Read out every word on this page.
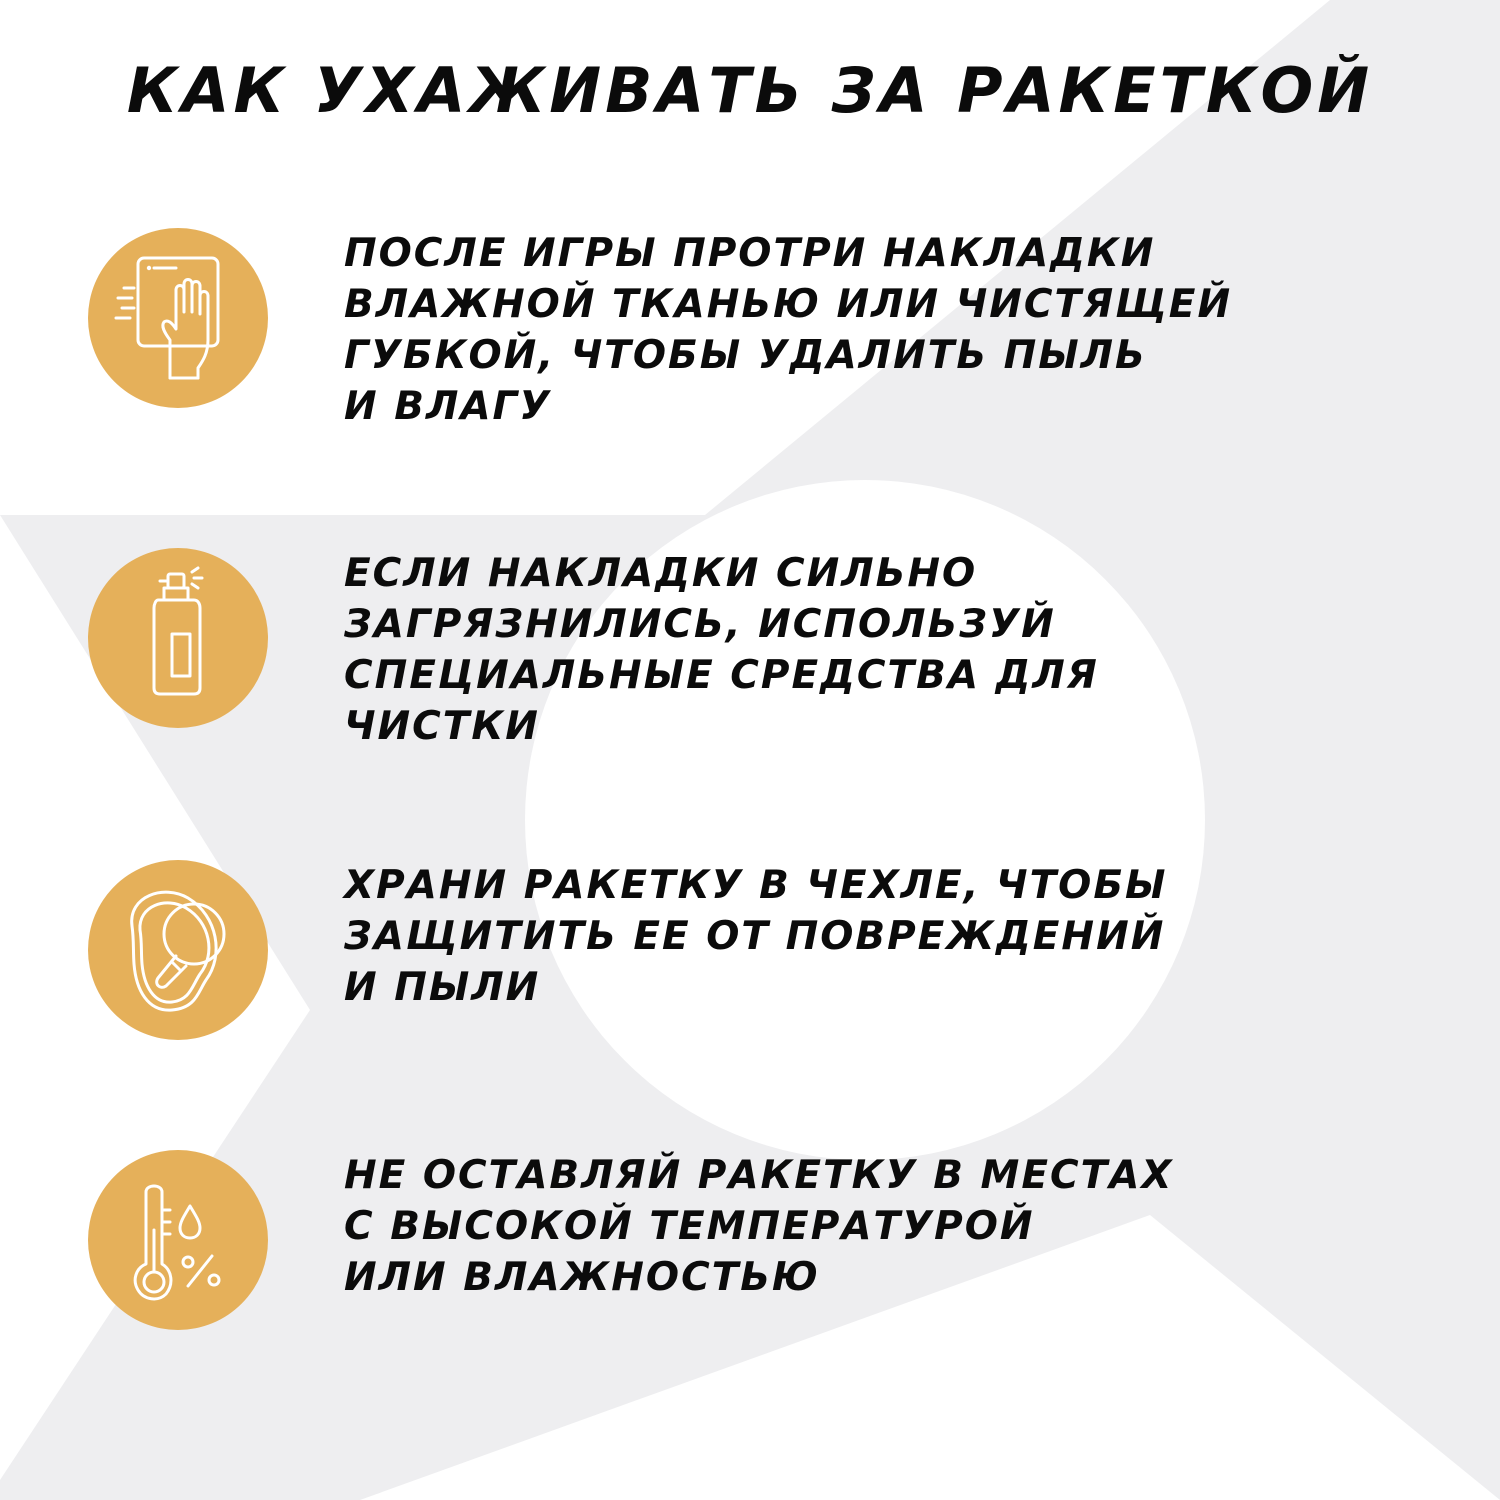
КАК УХАЖИВАТЬ ЗА РАКЕТКОЙ

ПОСЛЕ ИГРЫ ПРОТРИ НАКЛАДКИ
ВЛАЖНОЙ ТКАНЬЮ ИЛИ ЧИСТЯЩЕЙ
ГУБКОЙ, ЧТОБЫ УДАЛИТЬ ПЫЛЬ
И ВЛАГУ

ЕСЛИ НАКЛАДКИ СИЛЬНО
ЗАГРЯЗНИЛИСЬ, ИСПОЛЬЗУЙ
СПЕЦИАЛЬНЫЕ СРЕДСТВА ДЛЯ
ЧИСТКИ

ХРАНИ РАКЕТКУ В ЧЕХЛЕ, ЧТОБЫ
ЗАЩИТИТЬ ЕЕ ОТ ПОВРЕЖДЕНИЙ
И ПЫЛИ

НЕ ОСТАВЛЯЙ РАКЕТКУ В МЕСТАХ
С ВЫСОКОЙ ТЕМПЕРАТУРОЙ
ИЛИ ВЛАЖНОСТЬЮ
